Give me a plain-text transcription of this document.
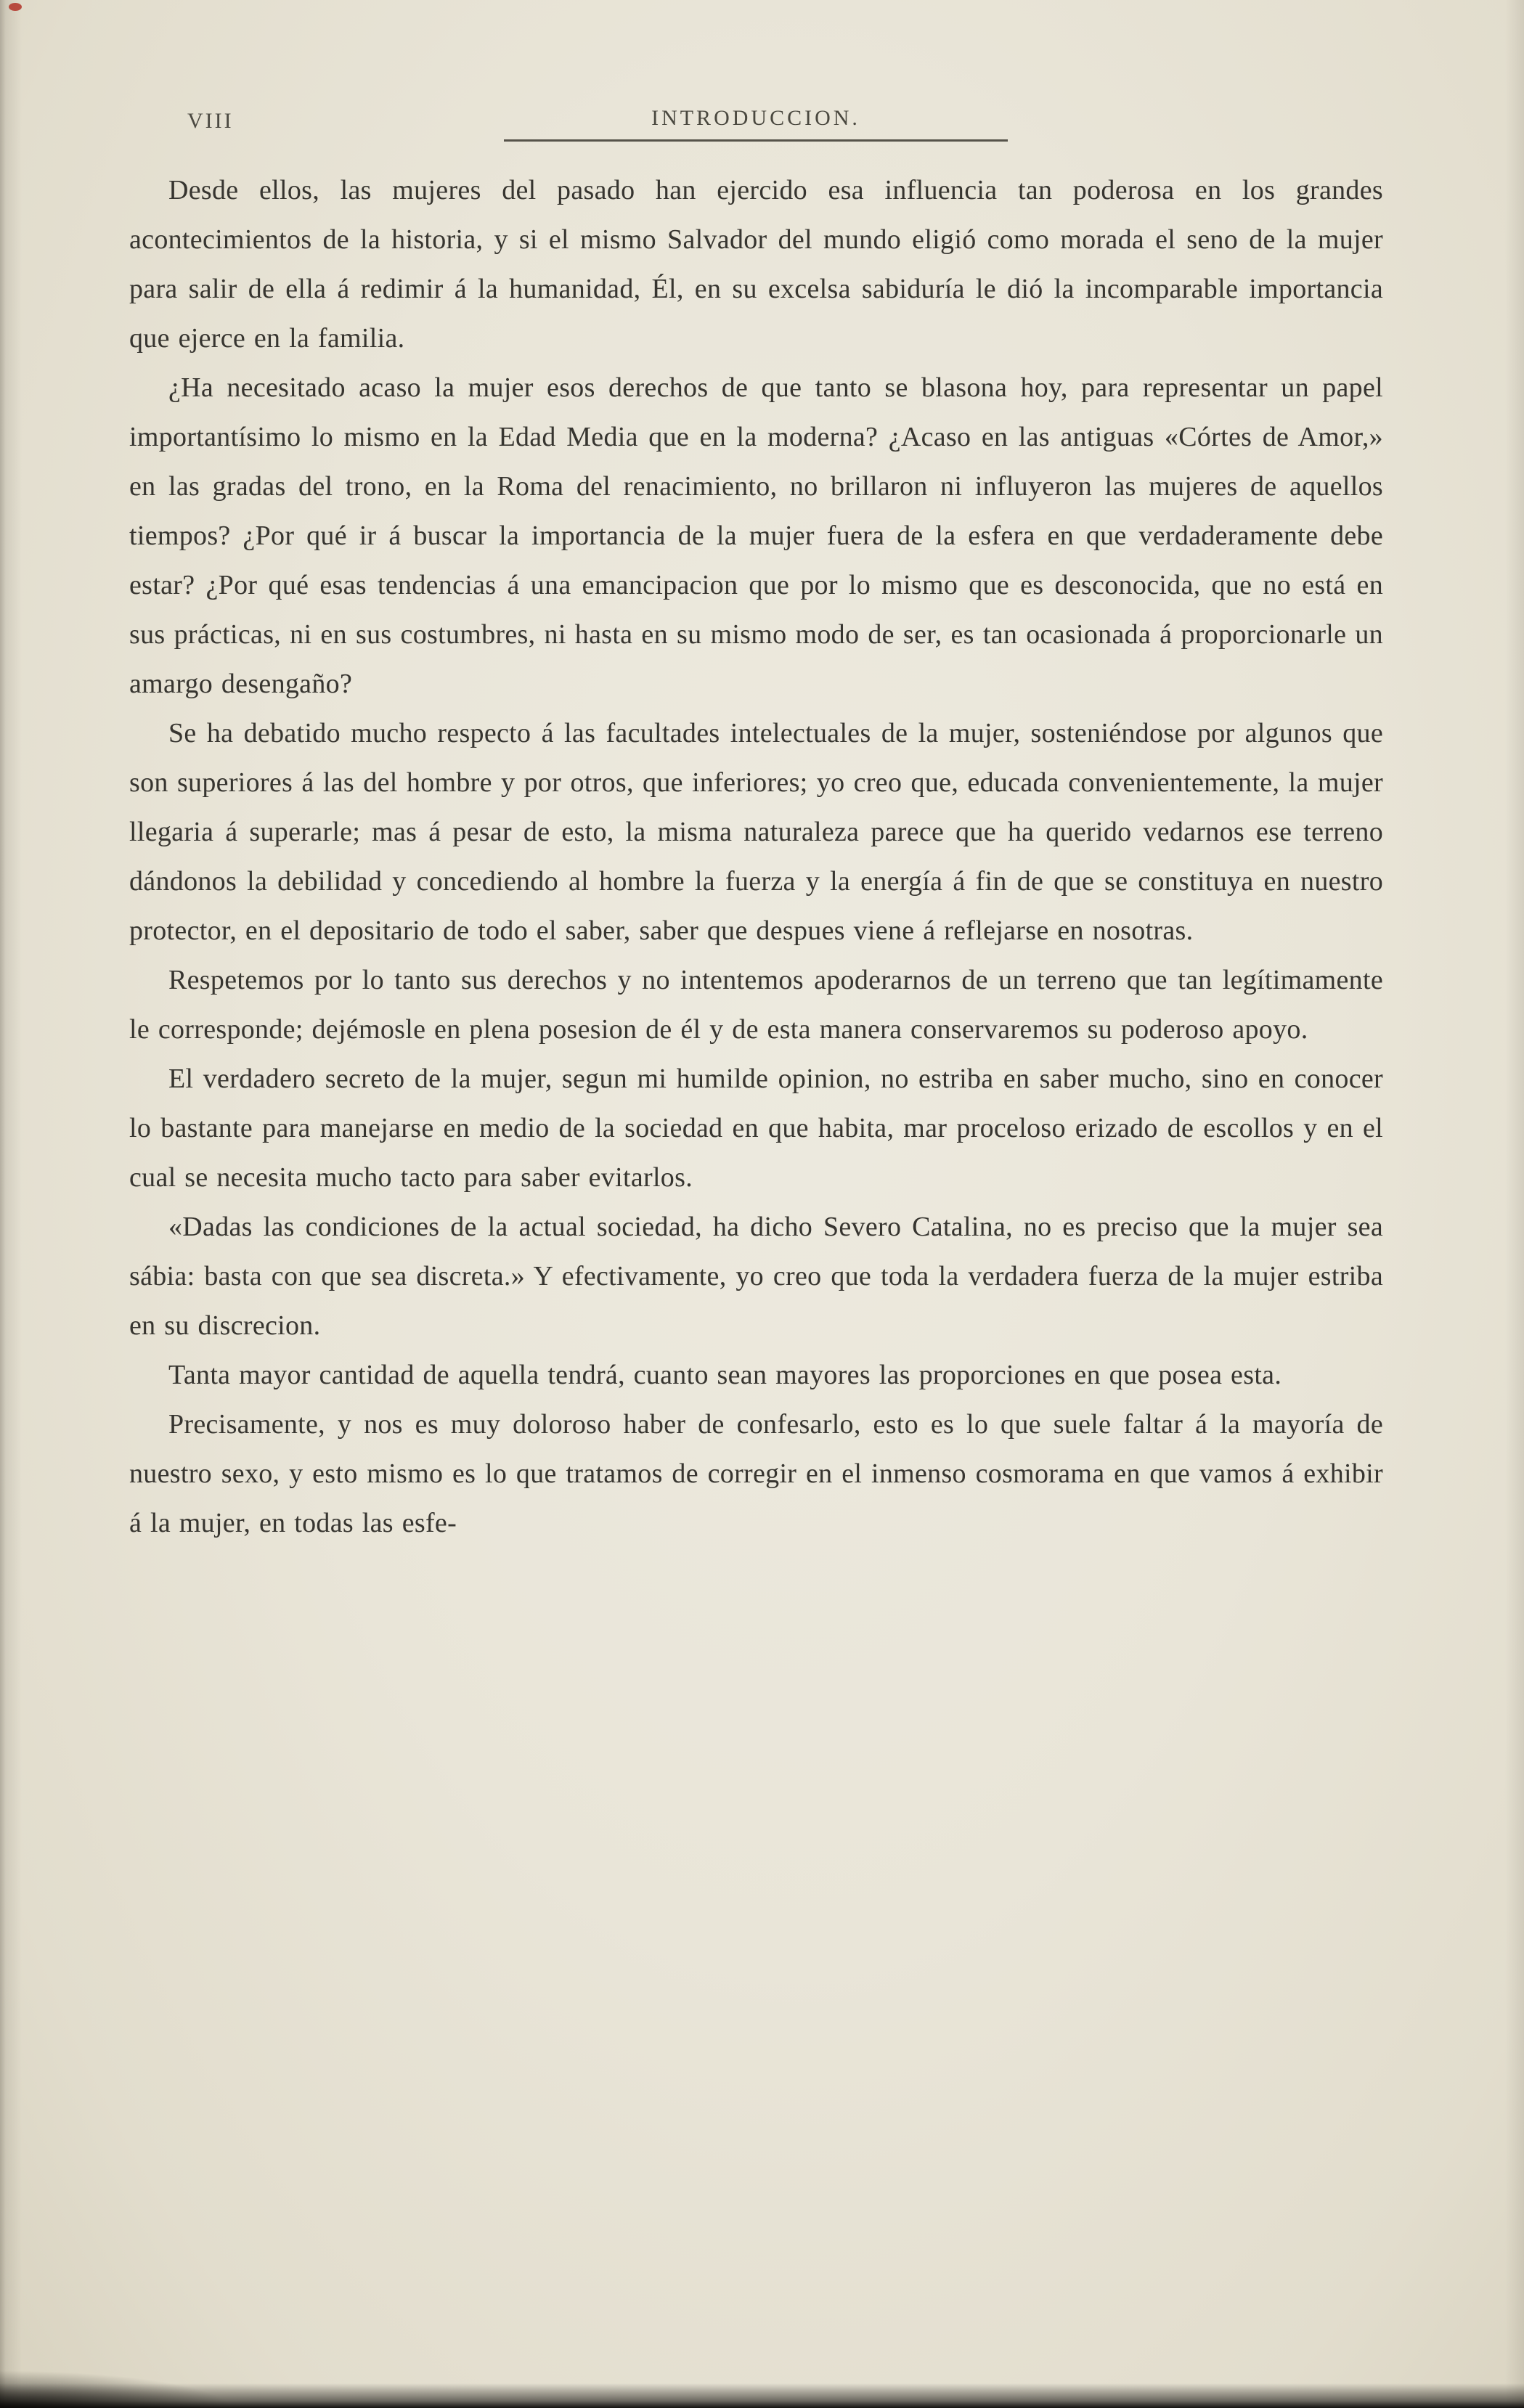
VIII	INTRODUCCION.

Desde ellos, las mujeres del pasado han ejercido esa influencia tan poderosa en los grandes acontecimientos de la historia, y si el mismo Salvador del mundo eligió como morada el seno de la mujer para salir de ella á redimir á la humanidad, Él, en su excelsa sabiduría le dió la incomparable importancia que ejerce en la familia.

¿Ha necesitado acaso la mujer esos derechos de que tanto se blasona hoy, para representar un papel importantísimo lo mismo en la Edad Media que en la moderna? ¿Acaso en las antiguas «Córtes de Amor,» en las gradas del trono, en la Roma del renacimiento, no brillaron ni influyeron las mujeres de aquellos tiempos? ¿Por qué ir á buscar la importancia de la mujer fuera de la esfera en que verdaderamente debe estar? ¿Por qué esas tendencias á una emancipacion que por lo mismo que es desconocida, que no está en sus prácticas, ni en sus costumbres, ni hasta en su mismo modo de ser, es tan ocasionada á proporcionarle un amargo desengaño?

Se ha debatido mucho respecto á las facultades intelectuales de la mujer, sosteniéndose por algunos que son superiores á las del hombre y por otros, que inferiores; yo creo que, educada convenientemente, la mujer llegaria á superarle; mas á pesar de esto, la misma naturaleza parece que ha querido vedarnos ese terreno dándonos la debilidad y concediendo al hombre la fuerza y la energía á fin de que se constituya en nuestro protector, en el depositario de todo el saber, saber que despues viene á reflejarse en nosotras.

Respetemos por lo tanto sus derechos y no intentemos apoderarnos de un terreno que tan legítimamente le corresponde; dejémosle en plena posesion de él y de esta manera conservaremos su poderoso apoyo.

El verdadero secreto de la mujer, segun mi humilde opinion, no estriba en saber mucho, sino en conocer lo bastante para manejarse en medio de la sociedad en que habita, mar proceloso erizado de escollos y en el cual se necesita mucho tacto para saber evitarlos.

«Dadas las condiciones de la actual sociedad, ha dicho Severo Catalina, no es preciso que la mujer sea sábia: basta con que sea discreta.» Y efectivamente, yo creo que toda la verdadera fuerza de la mujer estriba en su discrecion.

Tanta mayor cantidad de aquella tendrá, cuanto sean mayores las proporciones en que posea esta.

Precisamente, y nos es muy doloroso haber de confesarlo, esto es lo que suele faltar á la mayoría de nuestro sexo, y esto mismo es lo que tratamos de corregir en el inmenso cosmorama en que vamos á exhibir á la mujer, en todas las esfe-
